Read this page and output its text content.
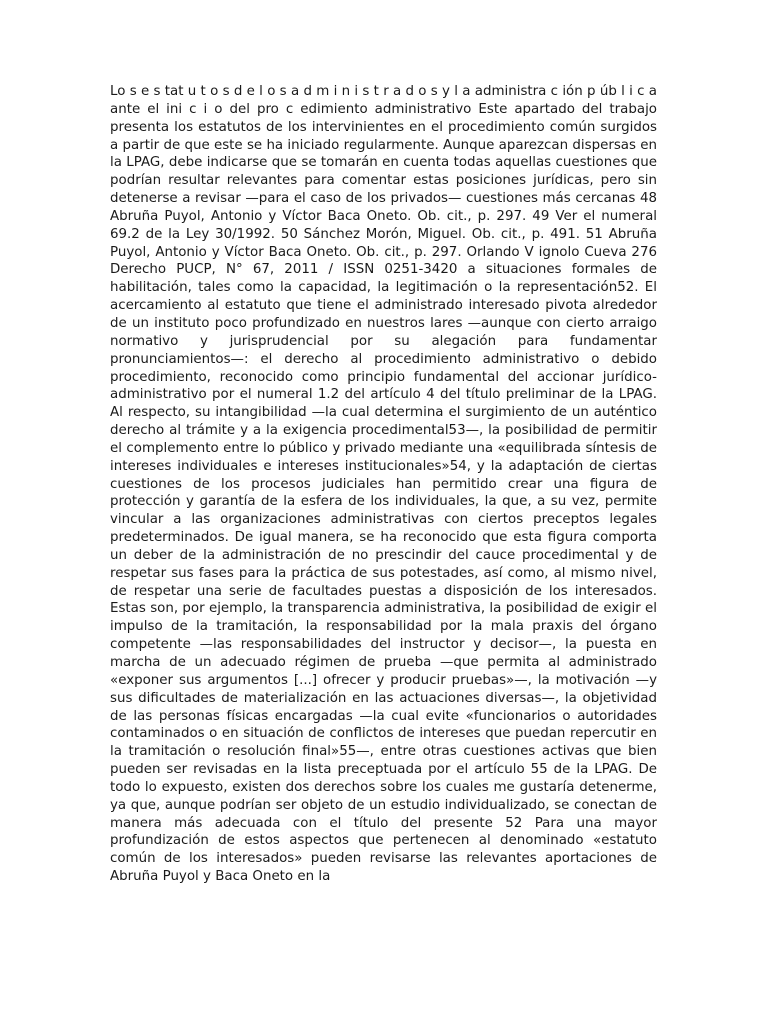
Lo s e s tat u t o s d e l o s a d m i n i s t r a d o s y l a administra c ión p úb l i c a ante el ini c i o del pro c edimiento administrativo Este apartado del trabajo presenta los estatutos de los intervinientes en el procedimiento común surgidos a partir de que este se ha iniciado regularmente. Aunque aparezcan dispersas en la LPAG, debe indicarse que se tomarán en cuenta todas aquellas cuestiones que podrían resultar relevantes para comentar estas posiciones jurídicas, pero sin detenerse a revisar —para el caso de los privados— cuestiones más cercanas 48 Abruña Puyol, Antonio y Víctor Baca Oneto. Ob. cit., p. 297. 49 Ver el numeral 69.2 de la Ley 30/1992. 50 Sánchez Morón, Miguel. Ob. cit., p. 491. 51 Abruña Puyol, Antonio y Víctor Baca Oneto. Ob. cit., p. 297. Orlando V ignolo Cueva 276 Derecho PUCP, N° 67, 2011 / ISSN 0251-3420 a situaciones formales de habilitación, tales como la capacidad, la legitimación o la representación52. El acercamiento al estatuto que tiene el administrado interesado pivota alrededor de un instituto poco profundizado en nuestros lares —aunque con cierto arraigo normativo y jurisprudencial por su alegación para fundamentar pronunciamientos—: el derecho al procedimiento administrativo o debido procedimiento, reconocido como principio fundamental del accionar jurídico-administrativo por el numeral 1.2 del artículo 4 del título preliminar de la LPAG. Al respecto, su intangibilidad —la cual determina el surgimiento de un auténtico derecho al trámite y a la exigencia procedimental53—, la posibilidad de permitir el complemento entre lo público y privado mediante una «equilibrada síntesis de intereses individuales e intereses institucionales»54, y la adaptación de ciertas cuestiones de los procesos judiciales han permitido crear una figura de protección y garantía de la esfera de los individuales, la que, a su vez, permite vincular a las organizaciones administrativas con ciertos preceptos legales predeterminados. De igual manera, se ha reconocido que esta figura comporta un deber de la administración de no prescindir del cauce procedimental y de respetar sus fases para la práctica de sus potestades, así como, al mismo nivel, de respetar una serie de facultades puestas a disposición de los interesados. Estas son, por ejemplo, la transparencia administrativa, la posibilidad de exigir el impulso de la tramitación, la responsabilidad por la mala praxis del órgano competente —las responsabilidades del instructor y decisor—, la puesta en marcha de un adecuado régimen de prueba —que permita al administrado «exponer sus argumentos [...] ofrecer y producir pruebas»—, la motivación —y sus dificultades de materialización en las actuaciones diversas—, la objetividad de las personas físicas encargadas —la cual evite «funcionarios o autoridades contaminados o en situación de conflictos de intereses que puedan repercutir en la tramitación o resolución final»55—, entre otras cuestiones activas que bien pueden ser revisadas en la lista preceptuada por el artículo 55 de la LPAG. De todo lo expuesto, existen dos derechos sobre los cuales me gustaría detenerme, ya que, aunque podrían ser objeto de un estudio individualizado, se conectan de manera más adecuada con el título del presente 52 Para una mayor profundización de estos aspectos que pertenecen al denominado «estatuto común de los interesados» pueden revisarse las relevantes aportaciones de Abruña Puyol y Baca Oneto en la
